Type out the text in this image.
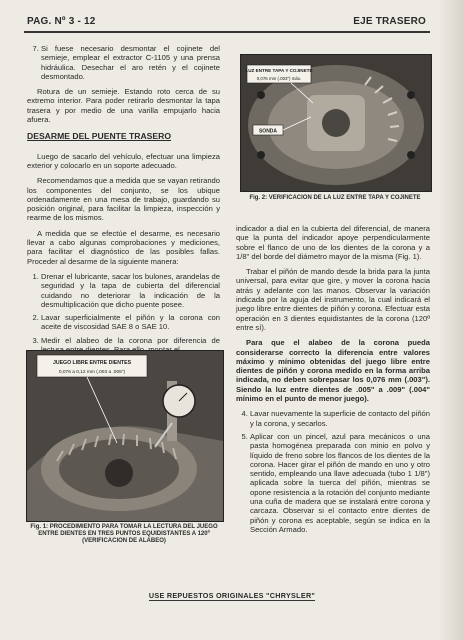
PAG. Nº 3 - 12	EJE TRASERO
7. Si fuese necesario desmontar el cojinete del semieje, emplear el extractor C-1105 y una prensa hidráulica. Desechar el aro retén y el cojinete desmontado.

Rotura de un semieje. Estando roto cerca de su extremo interior. Para poder retirarlo desmontar la tapa trasera y por medio de una varilla empujarlo hacia afuera.

DESARME DEL PUENTE TRASERO

Luego de sacarlo del vehículo, efectuar una limpieza exterior y colocarlo en un soporte adecuado.

Recomendamos que a medida que se vayan retirando los componentes del conjunto, se los ubique ordenadamente en una mesa de trabajo, guardando su posición original, para facilitar la limpieza, inspección y rearme de los mismos.

A medida que se efectúe el desarme, es necesario llevar a cabo algunas comprobaciones y mediciones, para facilitar el diagnóstico de las posibles fallas. Proceder al desarme de la siguiente manera:

1. Drenar el lubricante, sacar los bulones, arandelas de seguridad y la tapa de cubierta del diferencial cuidando no deteriorar la indicación de la desmultiplicación que dicho puente posee.
2. Lavar superficialmente el piñón y la corona con aceite de viscosidad SAE 8 o SAE 10.
3. Medir el alabeo de la corona por diferencia de
JUEGO LIBRE ENTRE DIENTES
0,076 a 0,12 mm (.003 a .005")
Fig. 1: PROCEDIMIENTO PARA TOMAR LA LECTURA DEL JUEGO ENTRE DIENTES EN TRES PUNTOS EQUIDISTANTES A 120º (VERIFICACION DE ALABEO)
LUZ ENTRE TAPA Y COJINETE
0,076 mm (.003") máx.
SONDA
Fig. 2: VERIFICACION DE LA LUZ ENTRE TAPA Y COJINETE

indicador a dial en la cubierta del diferencial, de manera que la punta del indicador apoye perpendicularmente sobre el flanco de uno de los dientes de la corona y a 1/8" del borde del diámetro mayor de la misma (Fig. 1).

Trabar el piñón de mando desde la brida para la junta universal, para evitar que gire, y mover la corona hacia atrás y adelante con las manos. Observar la variación indicada por la aguja del instrumento, la cual indicará el juego libre entre dientes de piñón y corona. Efectuar esta operación en 3 dientes equidistantes de la corona (120º entre sí).

Para que el alabeo de la corona pueda considerarse correcto la diferencia entre valores máximo y mínimo obtenidas del juego libre entre dientes de piñón y corona medido en la forma arriba indicada, no deben sobrepasar los 0,076 mm (.003"). Siendo la luz entre dientes de .005" a .009" (.004" mínimo en el punto de menor juego).

4. Lavar nuevamente la superficie de contacto del piñón y la corona, y secarlos.
5. Aplicar con un pincel, azul para mecánicos o una pasta homogénea preparada con minio en polvo y líquido de freno sobre los flancos de los dientes de la corona. Hacer girar el piñón de mando en uno y otro sentido, empleando una llave adecuada (tubo 1 1/8") aplicada sobre la tuerca del piñón, mientras se opone resistencia a la rotación del conjunto mediante una cuña de madera que se instalará entre corona y carcaza. Observar si el contacto entre dientes de piñón y corona es aceptable, según se indica en la Sección Armado.
USE REPUESTOS ORIGINALES "CHRYSLER"
